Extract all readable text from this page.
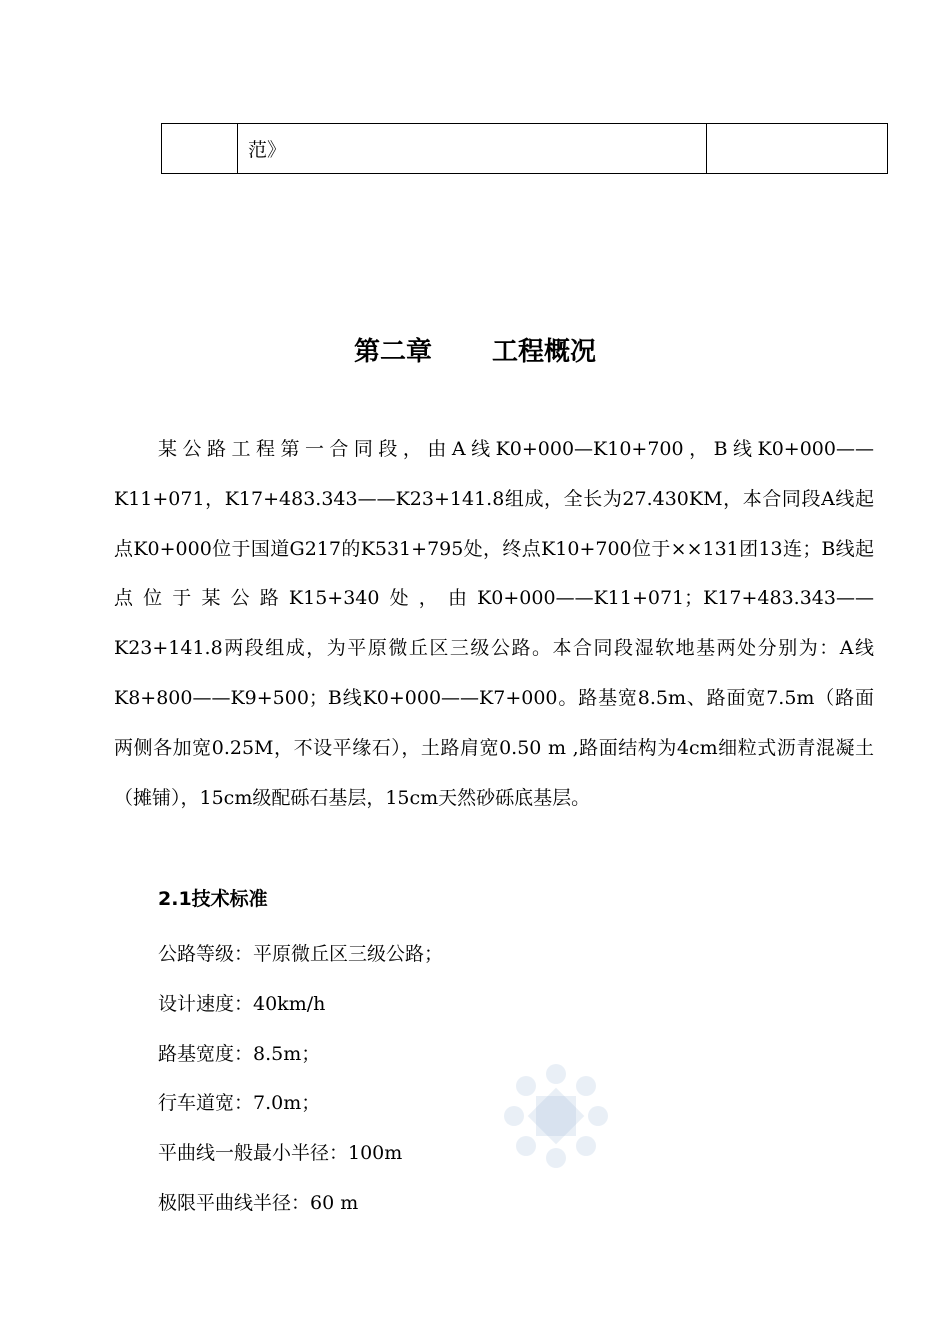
	范》	
第二章 工程概况

某公路工程第一合同段，由A线K0+000—K10+700，B线K0+000——K11+071，K17+483.343——K23+141.8组成，全长为27.430KM，本合同段A线起点K0+000位于国道G217的K531+795处，终点K10+700位于××131团13连；B线起点位于某公路K15+340处，由K0+000——K11+071；K17+483.343——K23+141.8两段组成，为平原微丘区三级公路。本合同段湿软地基两处分别为：A线K8+800——K9+500；B线K0+000——K7+000。路基宽8.5m、路面宽7.5m（路面两侧各加宽0.25M，不设平缘石），土路肩宽0.50 m ,路面结构为4cm细粒式沥青混凝土（摊铺），15cm级配砾石基层，15cm天然砂砾底基层。

2.1技术标准
公路等级：平原微丘区三级公路；
设计速度：40km/h
路基宽度：8.5m；
行车道宽：7.0m；
平曲线一般最小半径：100m
极限平曲线半径：60 m
